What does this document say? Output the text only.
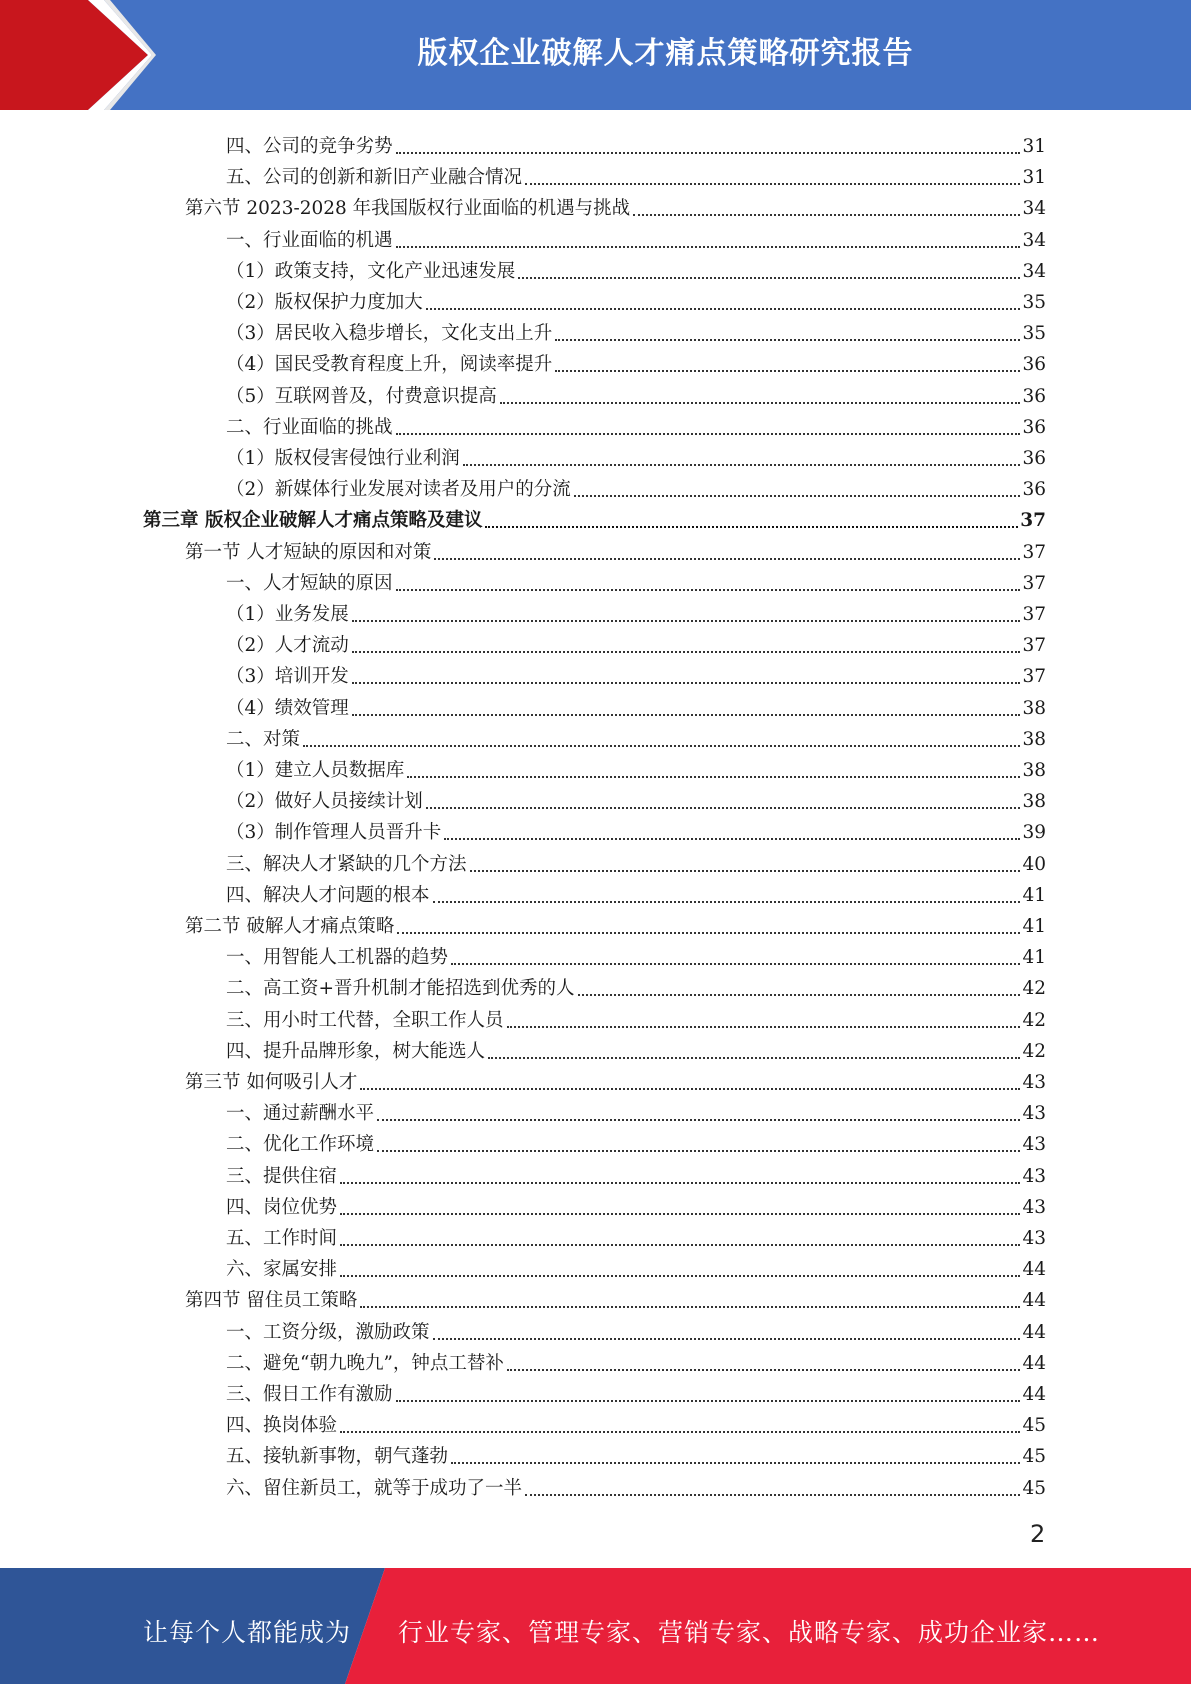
版权企业破解人才痛点策略研究报告
四、公司的竞争劣势	31
五、公司的创新和新旧产业融合情况	31
第六节 2023-2028 年我国版权行业面临的机遇与挑战	34
一、行业面临的机遇	34
（1）政策支持，文化产业迅速发展	34
（2）版权保护力度加大	35
（3）居民收入稳步增长，文化支出上升	35
（4）国民受教育程度上升，阅读率提升	36
（5）互联网普及，付费意识提高	36
二、行业面临的挑战	36
（1）版权侵害侵蚀行业利润	36
（2）新媒体行业发展对读者及用户的分流	36
第三章 版权企业破解人才痛点策略及建议	37
第一节 人才短缺的原因和对策	37
一、人才短缺的原因	37
（1）业务发展	37
（2）人才流动	37
（3）培训开发	37
（4）绩效管理	38
二、对策	38
（1）建立人员数据库	38
（2）做好人员接续计划	38
（3）制作管理人员晋升卡	39
三、解决人才紧缺的几个方法	40
四、解决人才问题的根本	41
第二节 破解人才痛点策略	41
一、用智能人工机器的趋势	41
二、高工资+晋升机制才能招选到优秀的人	42
三、用小时工代替，全职工作人员	42
四、提升品牌形象，树大能选人	42
第三节 如何吸引人才	43
一、通过薪酬水平	43
二、优化工作环境	43
三、提供住宿	43
四、岗位优势	43
五、工作时间	43
六、家属安排	44
第四节 留住员工策略	44
一、工资分级，激励政策	44
二、避免“朝九晚九”，钟点工替补	44
三、假日工作有激励	44
四、换岗体验	45
五、接轨新事物，朝气蓬勃	45
六、留住新员工，就等于成功了一半	45
2
让每个人都能成为 行业专家、管理专家、营销专家、战略专家、成功企业家……
